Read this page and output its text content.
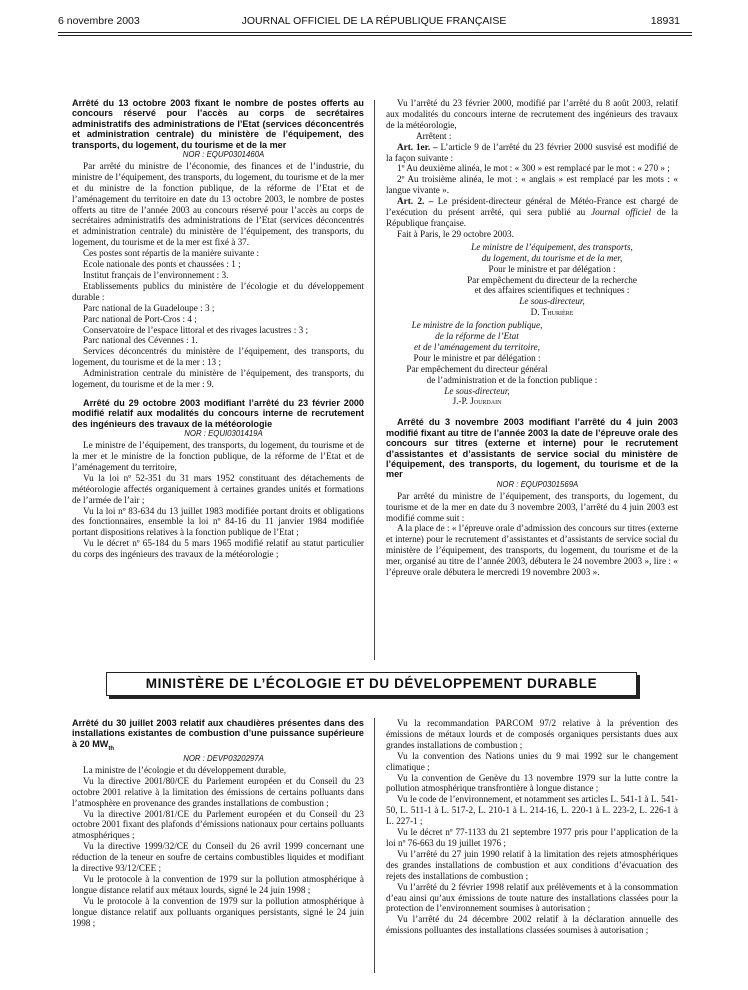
6 novembre 2003	JOURNAL OFFICIEL DE LA RÉPUBLIQUE FRANÇAISE	18931

Arrêté du 13 octobre 2003 fixant le nombre de postes offerts au concours réservé pour l’accès au corps de secrétaires administratifs des administrations de l’Etat (services déconcentrés et administration centrale) du ministère de l’équipement, des transports, du logement, du tourisme et de la mer

NOR : EQUP0301460A

Par arrêté du ministre de l’économie, des finances et de l’industrie, du ministre de l’équipement, des transports, du logement, du tourisme et de la mer et du ministre de la fonction publique, de la réforme de l’Etat et de l’aménagement du territoire en date du 13 octobre 2003, le nombre de postes offerts au titre de l’année 2003 au concours réservé pour l’accès au corps de secrétaires administratifs des administrations de l’Etat (services déconcentrés et administration centrale) du ministère de l’équipement, des transports, du logement, du tourisme et de la mer est fixé à 37.

Ces postes sont répartis de la manière suivante :

Ecole nationale des ponts et chaussées : 1 ;

Institut français de l’environnement : 3.

Etablissements publics du ministère de l’écologie et du développement durable :

Parc national de la Guadeloupe : 3 ;

Parc national de Port-Cros : 4 ;

Conservatoire de l’espace littoral et des rivages lacustres : 3 ;

Parc national des Cévennes : 1.

Services déconcentrés du ministère de l’équipement, des transports, du logement, du tourisme et de la mer : 13 ;

Administration centrale du ministère de l’équipement, des transports, du logement, du tourisme et de la mer : 9.

Arrêté du 29 octobre 2003 modifiant l’arrêté du 23 février 2000 modifié relatif aux modalités du concours interne de recrutement des ingénieurs des travaux de la météorologie

NOR : EQUI0301419A

Le ministre de l’équipement, des transports, du logement, du tourisme et de la mer et le ministre de la fonction publique, de la réforme de l’Etat et de l’aménagement du territoire,

Vu la loi nº 52-351 du 31 mars 1952 constituant des détachements de météorologie affectés organiquement à certaines grandes unités et formations de l’armée de l’air ;

Vu la loi nº 83-634 du 13 juillet 1983 modifiée portant droits et obligations des fonctionnaires, ensemble la loi nº 84-16 du 11 janvier 1984 modifiée portant dispositions relatives à la fonction publique de l’Etat ;

Vu le décret nº 65-184 du 5 mars 1965 modifié relatif au statut particulier du corps des ingénieurs des travaux de la météorologie ;

Vu l’arrêté du 23 février 2000, modifié par l’arrêté du 8 août 2003, relatif aux modalités du concours interne de recrutement des ingénieurs des travaux de la météorologie,

Arrêtent :

Art. 1er. – L’article 9 de l’arrêté du 23 février 2000 susvisé est modifié de la façon suivante :

1º Au deuxième alinéa, le mot : « 300 » est remplacé par le mot : « 270 » ;

2º Au troisième alinéa, le mot : « anglais » est remplacé par les mots : « langue vivante ».

Art. 2. – Le président-directeur général de Météo-France est chargé de l’exécution du présent arrêté, qui sera publié au Journal officiel de la République française.

Fait à Paris, le 29 octobre 2003.

Le ministre de l’équipement, des transports,

du logement, du tourisme et de la mer,

Pour le ministre et par délégation :

Par empêchement du directeur de la recherche

et des affaires scientifiques et techniques :

Le sous-directeur,

D. Thurière

Le ministre de la fonction publique,

de la réforme de l’Etat

et de l’aménagement du territoire,

Pour le ministre et par délégation :

Par empêchement du directeur général

de l’administration et de la fonction publique :

Le sous-directeur,

J.-P. Jourdain

Arrêté du 3 novembre 2003 modifiant l’arrêté du 4 juin 2003 modifié fixant au titre de l’année 2003 la date de l’épreuve orale des concours sur titres (externe et interne) pour le recrutement d’assistantes et d’assistants de service social du ministère de l’équipement, des transports, du logement, du tourisme et de la mer

NOR : EQUP0301569A

Par arrêté du ministre de l’équipement, des transports, du logement, du tourisme et de la mer en date du 3 novembre 2003, l’arrêté du 4 juin 2003 est modifié comme suit :

A la place de : « l’épreuve orale d’admission des concours sur titres (externe et interne) pour le recrutement d’assistantes et d’assistants de service social du ministère de l’équipement, des transports, du logement, du tourisme et de la mer, organisé au titre de l’année 2003, débutera le 24 novembre 2003 », lire : « l’épreuve orale débutera le mercredi 19 novembre 2003 ».

MINISTÈRE DE L’ÉCOLOGIE ET DU DÉVELOPPEMENT DURABLE

Arrêté du 30 juillet 2003 relatif aux chaudières présentes dans des installations existantes de combustion d’une puissance supérieure à 20 $MW_{th}$

NOR : DEVP0320297A

La ministre de l’écologie et du développement durable,

Vu la directive 2001/80/CE du Parlement européen et du Conseil du 23 octobre 2001 relative à la limitation des émissions de certains polluants dans l’atmosphère en provenance des grandes installations de combustion ;

Vu la directive 2001/81/CE du Parlement européen et du Conseil du 23 octobre 2001 fixant des plafonds d’émissions nationaux pour certains polluants atmosphériques ;

Vu la directive 1999/32/CE du Conseil du 26 avril 1999 concernant une réduction de la teneur en soufre de certains combustibles liquides et modifiant la directive 93/12/CEE ;

Vu le protocole à la convention de 1979 sur la pollution atmosphérique à longue distance relatif aux métaux lourds, signé le 24 juin 1998 ;

Vu le protocole à la convention de 1979 sur la pollution atmosphérique à longue distance relatif aux polluants organiques persistants, signé le 24 juin 1998 ;

Vu la recommandation PARCOM 97/2 relative à la prévention des émissions de métaux lourds et de composés organiques persistants dues aux grandes installations de combustion ;

Vu la convention des Nations unies du 9 mai 1992 sur le changement climatique ;

Vu la convention de Genève du 13 novembre 1979 sur la lutte contre la pollution atmosphérique transfrontière à longue distance ;

Vu le code de l’environnement, et notamment ses articles L. 541-1 à L. 541-50, L. 511-1 à L. 517-2, L. 210-1 à L. 214-16, L. 220-1 à L. 223-2, L. 226-1 à L. 227-1 ;

Vu le décret nº 77-1133 du 21 septembre 1977 pris pour l’application de la loi nº 76-663 du 19 juillet 1976 ;

Vu l’arrêté du 27 juin 1990 relatif à la limitation des rejets atmosphériques des grandes installations de combustion et aux conditions d’évacuation des rejets des installations de combustion ;

Vu l’arrêté du 2 février 1998 relatif aux prélèvements et à la consommation d’eau ainsi qu’aux émissions de toute nature des installations classées pour la protection de l’environnement soumises à autorisation ;

Vu l’arrêté du 24 décembre 2002 relatif à la déclaration annuelle des émissions polluantes des installations classées soumises à autorisation ;
